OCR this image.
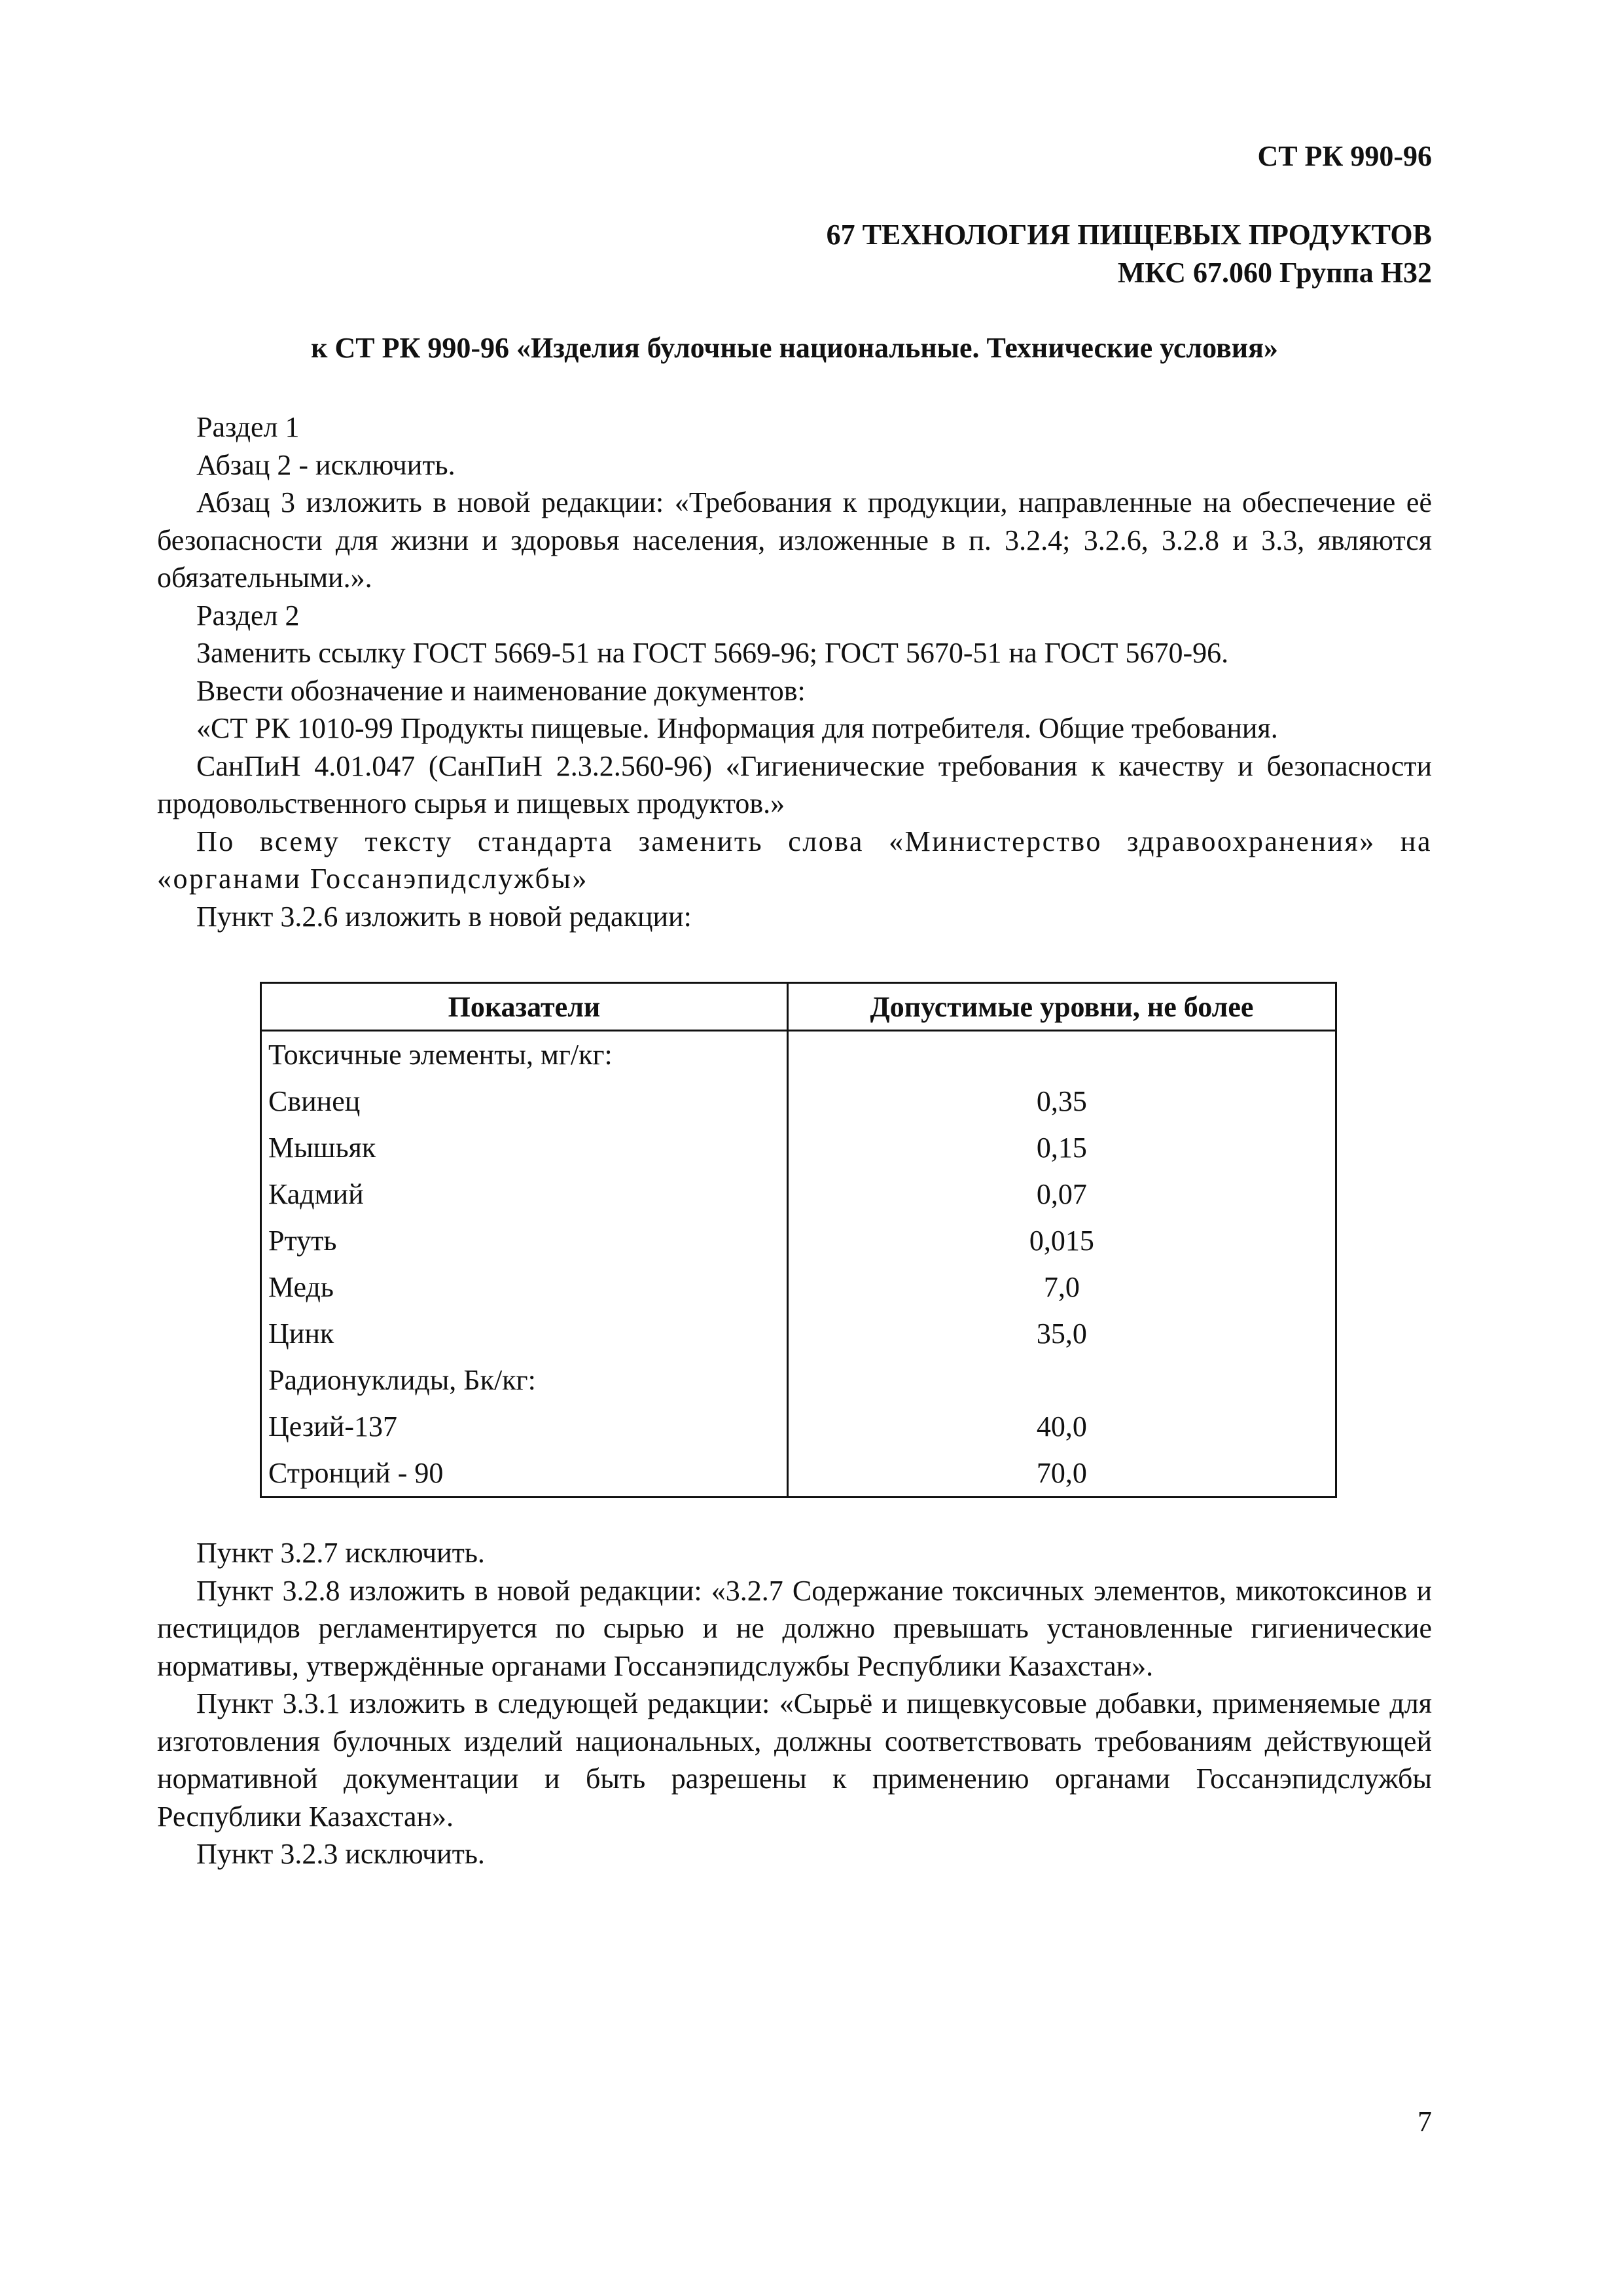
СТ РК 990-96
67 ТЕХНОЛОГИЯ ПИЩЕВЫХ ПРОДУКТОВ
МКС 67.060 Группа Н32
к СТ РК 990-96 «Изделия булочные национальные. Технические условия»

Раздел 1

Абзац 2 - исключить.

Абзац 3 изложить в новой редакции: «Требования к продукции, направленные на обеспечение её безопасности для жизни и здоровья населения, изложенные в п. 3.2.4; 3.2.6, 3.2.8 и 3.3, являются обязательными.».

Раздел 2

Заменить ссылку ГОСТ 5669-51 на ГОСТ 5669-96; ГОСТ 5670-51 на ГОСТ 5670-96.

Ввести обозначение и наименование документов:

«СТ РК 1010-99 Продукты пищевые. Информация для потребителя. Общие требования.

СанПиН 4.01.047 (СанПиН 2.3.2.560-96) «Гигиенические требования к качеству и безопасности продовольственного сырья и пищевых продуктов.»

По всему тексту стандарта заменить слова «Министерство здравоохранения» на «органами Госсанэпидслужбы»

Пункт 3.2.6 изложить в новой редакции:

Показатели	Допустимые уровни, не более
Токсичные элементы, мг/кг:	
Свинец	0,35
Мышьяк	0,15
Кадмий	0,07
Ртуть	0,015
Медь	7,0
Цинк	35,0
Радионуклиды, Бк/кг:	
Цезий-137	40,0
Стронций - 90	70,0

Пункт 3.2.7 исключить.

Пункт 3.2.8 изложить в новой редакции: «3.2.7 Содержание токсичных элементов, микотоксинов и пестицидов регламентируется по сырью и не должно превышать установленные гигиенические нормативы, утверждённые органами Госсанэпидслужбы Республики Казахстан».

Пункт 3.3.1 изложить в следующей редакции: «Сырьё и пищевкусовые добавки, применяемые для изготовления булочных изделий национальных, должны соответствовать требованиям действующей нормативной документации и быть разрешены к применению органами Госсанэпидслужбы Республики Казахстан».

Пункт 3.2.3 исключить.

7
